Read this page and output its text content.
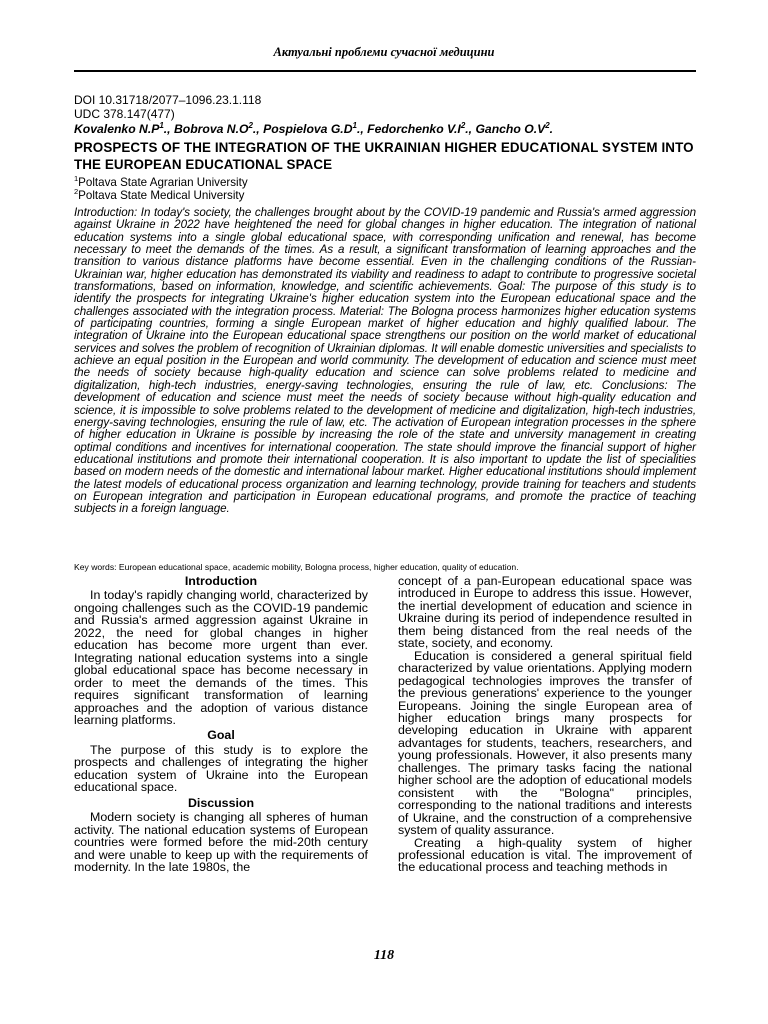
Актуальні проблеми сучасної медицини
DOI 10.31718/2077–1096.23.1.118
UDC 378.147(477)
Kovalenko $N.P^1$., Bobrova $N.O^2$., Pospielova $G.D^1$., Fedorchenko $V.I^2$., Gancho $O.V^2$.
PROSPECTS OF THE INTEGRATION OF THE UKRAINIAN HIGHER EDUCATIONAL SYSTEM INTO THE EUROPEAN EDUCATIONAL SPACE
$^1$Poltava State Agrarian University
$^2$Poltava State Medical University
Introduction: In today's society, the challenges brought about by the COVID-19 pandemic and Russia's armed aggression against Ukraine in 2022 have heightened the need for global changes in higher education. The integration of national education systems into a single global educational space, with corresponding unification and renewal, has become necessary to meet the demands of the times. As a result, a significant transformation of learning approaches and the transition to various distance platforms have become essential. Even in the challenging conditions of the Russian-Ukrainian war, higher education has demonstrated its viability and readiness to adapt to contribute to progressive societal transformations, based on information, knowledge, and scientific achievements. Goal: The purpose of this study is to identify the prospects for integrating Ukraine's higher education system into the European educational space and the challenges associated with the integration process. Material: The Bologna process harmonizes higher education systems of participating countries, forming a single European market of higher education and highly qualified labour. The integration of Ukraine into the European educational space strengthens our position on the world market of educational services and solves the problem of recognition of Ukrainian diplomas. It will enable domestic universities and specialists to achieve an equal position in the European and world community. The development of education and science must meet the needs of society because high-quality education and science can solve problems related to medicine and digitalization, high-tech industries, energy-saving technologies, ensuring the rule of law, etc. Conclusions: The development of education and science must meet the needs of society because without high-quality education and science, it is impossible to solve problems related to the development of medicine and digitalization, high-tech industries, energy-saving technologies, ensuring the rule of law, etc. The activation of European integration processes in the sphere of higher education in Ukraine is possible by increasing the role of the state and university management in creating optimal conditions and incentives for international cooperation. The state should improve the financial support of higher educational institutions and promote their international cooperation. It is also important to update the list of specialities based on modern needs of the domestic and international labour market. Higher educational institutions should implement the latest models of educational process organization and learning technology, provide training for teachers and students on European integration and participation in European educational programs, and promote the practice of teaching subjects in a foreign language.
Key words: European educational space, academic mobility, Bologna process, higher education, quality of education.
Introduction

In today's rapidly changing world, characterized by ongoing challenges such as the COVID-19 pandemic and Russia's armed aggression against Ukraine in 2022, the need for global changes in higher education has become more urgent than ever. Integrating national education systems into a single global educational space has become necessary in order to meet the demands of the times. This requires significant transformation of learning approaches and the adoption of various distance learning platforms.

Goal

The purpose of this study is to explore the prospects and challenges of integrating the higher education system of Ukraine into the European educational space.

Discussion

Modern society is changing all spheres of human activity. The national education systems of European countries were formed before the mid-20th century and were unable to keep up with the requirements of modernity. In the late 1980s, the

concept of a pan-European educational space was introduced in Europe to address this issue. However, the inertial development of education and science in Ukraine during its period of independence resulted in them being distanced from the real needs of the state, society, and economy.

Education is considered a general spiritual field characterized by value orientations. Applying modern pedagogical technologies improves the transfer of the previous generations' experience to the younger Europeans. Joining the single European area of higher education brings many prospects for developing education in Ukraine with apparent advantages for students, teachers, researchers, and young professionals. However, it also presents many challenges. The primary tasks facing the national higher school are the adoption of educational models consistent with the "Bologna" principles, corresponding to the national traditions and interests of Ukraine, and the construction of a comprehensive system of quality assurance.

Creating a high-quality system of higher professional education is vital. The improvement of the educational process and teaching methods in

118
